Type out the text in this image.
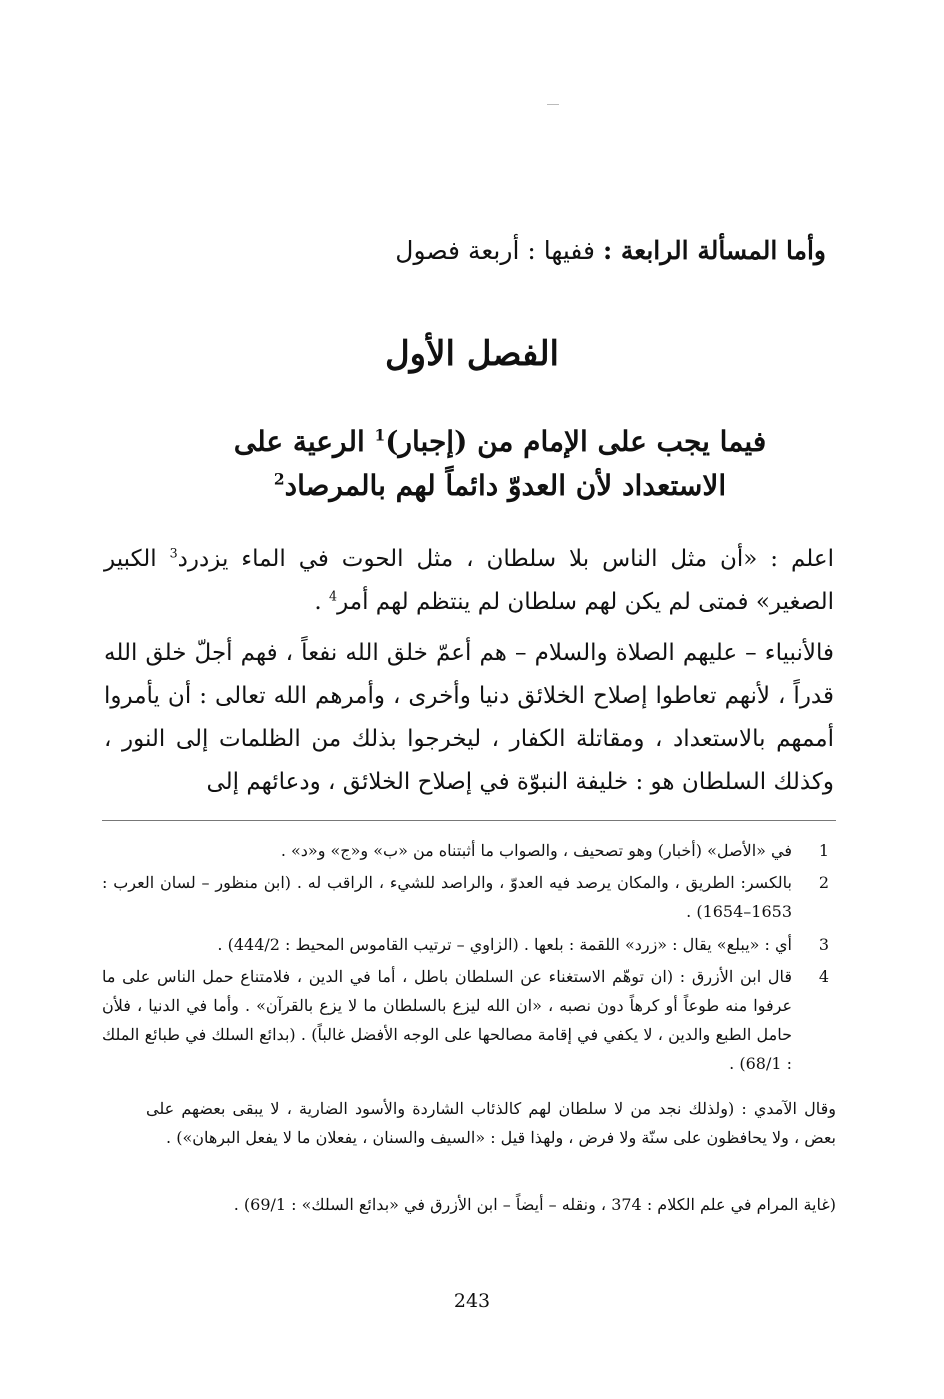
وأما المسألة الرابعة : ففيها : أربعة فصول
الفصل الأول
فيما يجب على الإمام من (إجبار)$^1$ الرعية على
الاستعداد لأن العدوّ دائماً لهم بالمرصاد$^2$
اعلم : «أن مثل الناس بلا سلطان ، مثل الحوت في الماء يزدرد$^3$ الكبير الصغير» فمتى لم يكن لهم سلطان لم ينتظم لهم أمر$^4$ .
فالأنبياء – عليهم الصلاة والسلام – هم أعمّ خلق الله نفعاً ، فهم أجلّ خلق الله قدراً ، لأنهم تعاطوا إصلاح الخلائق دنيا وأخرى ، وأمرهم الله تعالى : أن يأمروا أممهم بالاستعداد ، ومقاتلة الكفار ، ليخرجوا بذلك من الظلمات إلى النور ، وكذلك السلطان هو : خليفة النبوّة في إصلاح الخلائق ، ودعائهم إلى
1
في «الأصل» (أخبار) وهو تصحيف ، والصواب ما أثبتناه من «ب» و«ج» و«د» .
2
بالكسر: الطريق ، والمكان يرصد فيه العدوّ ، والراصد للشيء ، الراقب له . (ابن منظور – لسان العرب : 1653–1654) .
3
أي : «يبلع» يقال : «زرد» اللقمة : بلعها . (الزاوي – ترتيب القاموس المحيط : 444/2) .
4
قال ابن الأزرق : (ان توهّم الاستغناء عن السلطان باطل ، أما في الدين ، فلامتناع حمل الناس على ما عرفوا منه طوعاً أو كرهاً دون نصبه ، «ان الله ليزع بالسلطان ما لا يزع بالقرآن» . وأما في الدنيا ، فلأن حامل الطبع والدين ، لا يكفي في إقامة مصالحها على الوجه الأفضل غالباً) . (بدائع السلك في طبائع الملك : 68/1) .
وقال الآمدي : (ولذلك نجد من لا سلطان لهم كالذئاب الشاردة والأسود الضارية ، لا يبقى بعضهم على بعض ، ولا يحافظون على سنّة ولا فرض ، ولهذا قيل : «السيف والسنان ، يفعلان ما لا يفعل البرهان») .
(غاية المرام في علم الكلام : 374 ، ونقله – أيضاً – ابن الأزرق في «بدائع السلك» : 69/1) .
243
